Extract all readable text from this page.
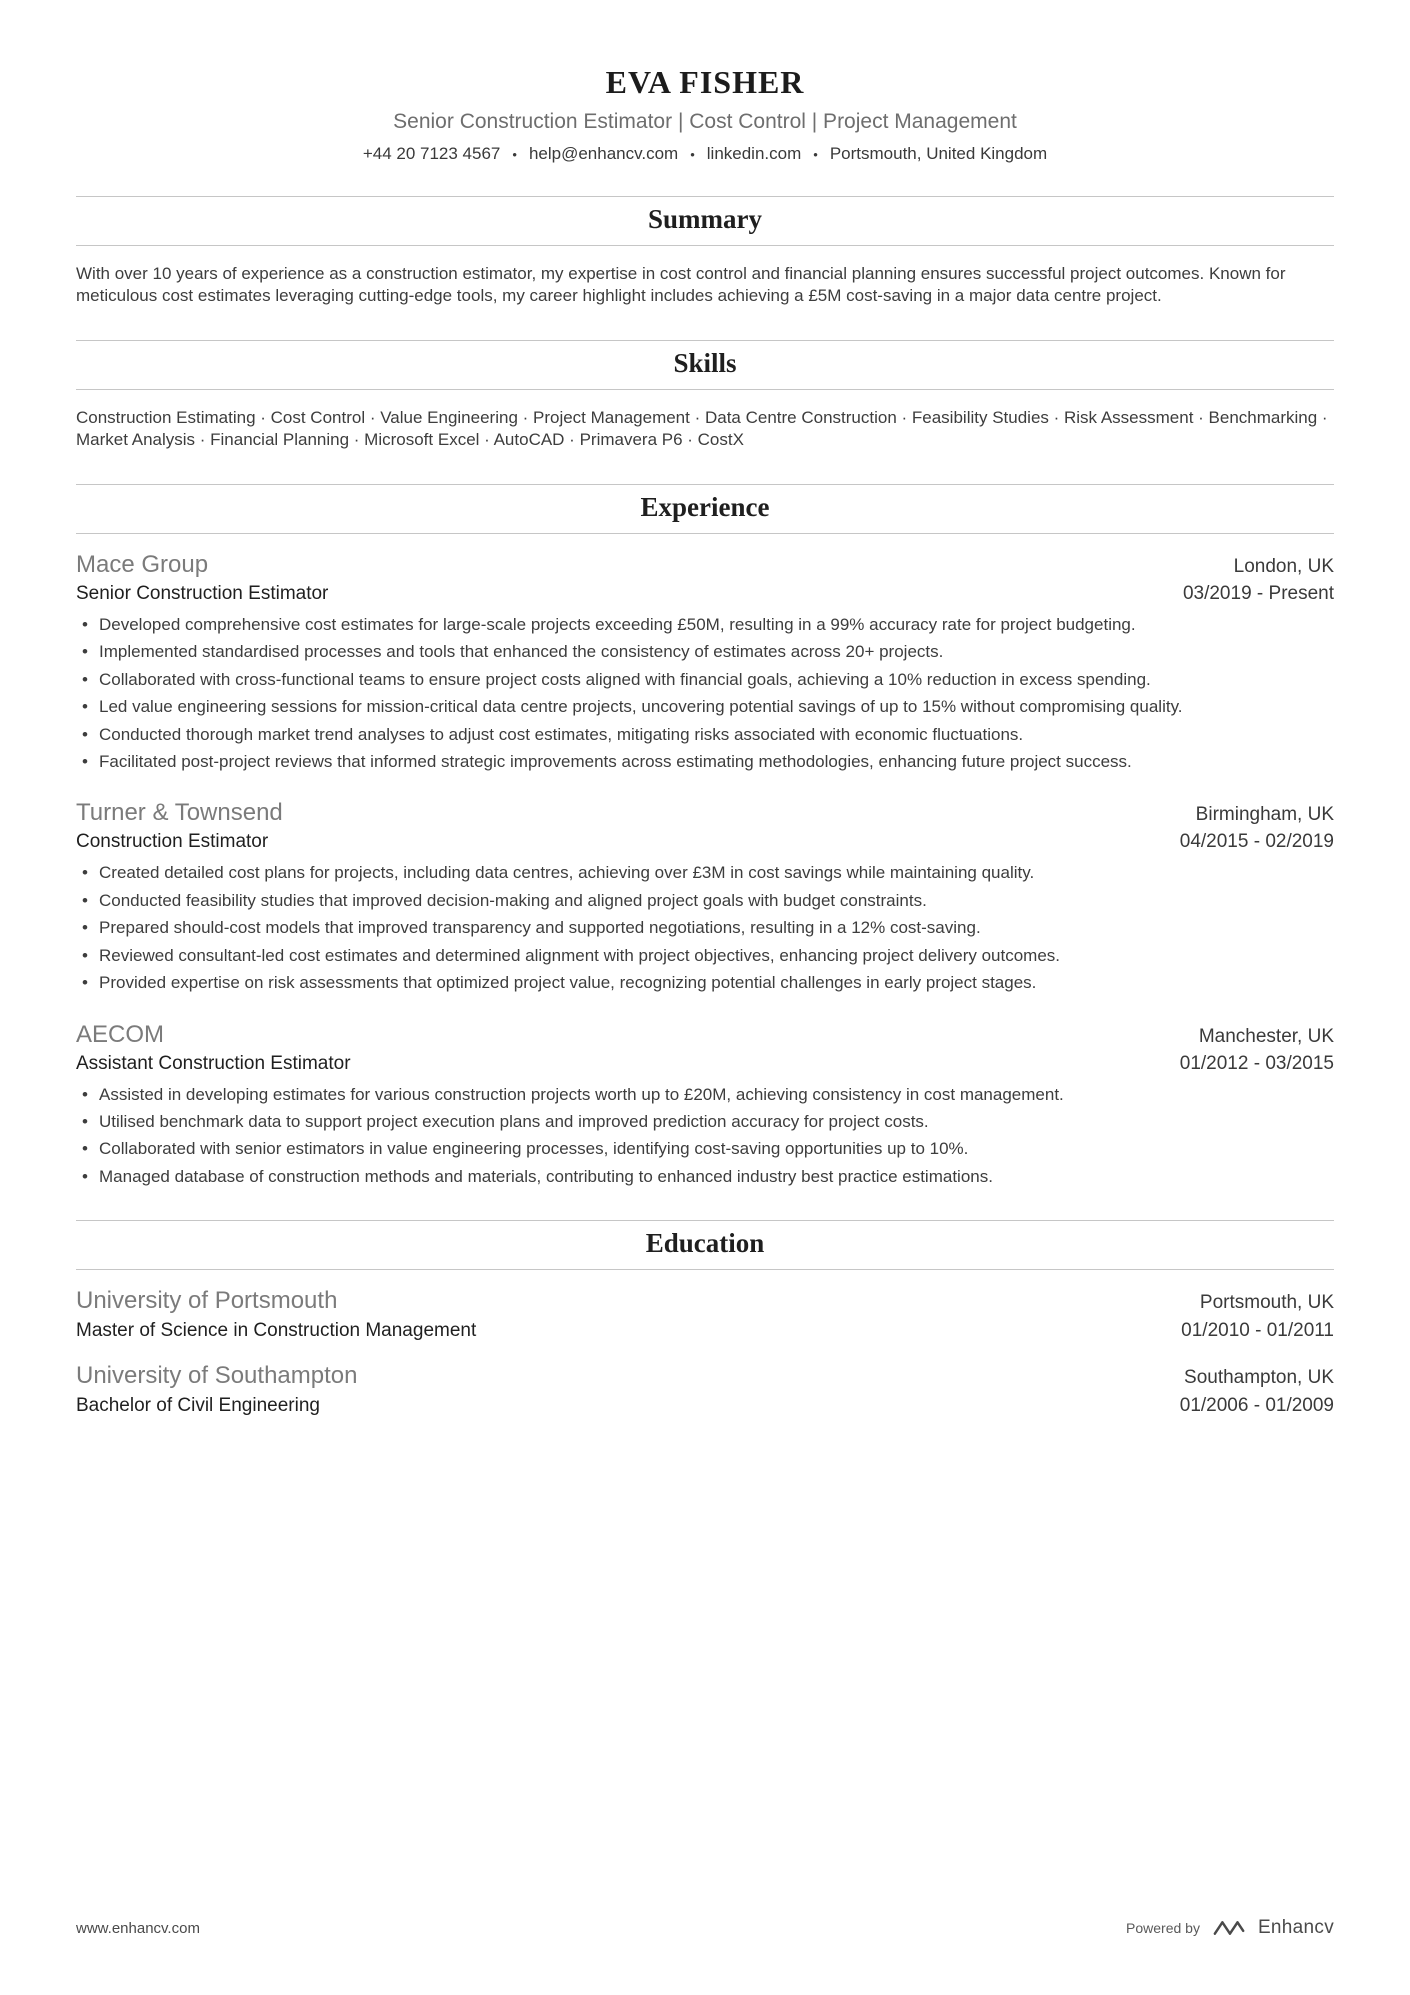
EVA FISHER
Senior Construction Estimator | Cost Control | Project Management
+44 20 7123 4567 • help@enhancv.com • linkedin.com • Portsmouth, United Kingdom
Summary

With over 10 years of experience as a construction estimator, my expertise in cost control and financial planning ensures successful project outcomes. Known for meticulous cost estimates leveraging cutting-edge tools, my career highlight includes achieving a £5M cost-saving in a major data centre project.

Skills

Construction Estimating · Cost Control · Value Engineering · Project Management · Data Centre Construction · Feasibility Studies · Risk Assessment · Benchmarking · Market Analysis · Financial Planning · Microsoft Excel · AutoCAD · Primavera P6 · CostX

Experience
Mace Group	London, UK
Senior Construction Estimator	03/2019 - Present
• Developed comprehensive cost estimates for large-scale projects exceeding £50M, resulting in a 99% accuracy rate for project budgeting.
• Implemented standardised processes and tools that enhanced the consistency of estimates across 20+ projects.
• Collaborated with cross-functional teams to ensure project costs aligned with financial goals, achieving a 10% reduction in excess spending.
• Led value engineering sessions for mission-critical data centre projects, uncovering potential savings of up to 15% without compromising quality.
• Conducted thorough market trend analyses to adjust cost estimates, mitigating risks associated with economic fluctuations.
• Facilitated post-project reviews that informed strategic improvements across estimating methodologies, enhancing future project success.
Turner & Townsend	Birmingham, UK
Construction Estimator	04/2015 - 02/2019
• Created detailed cost plans for projects, including data centres, achieving over £3M in cost savings while maintaining quality.
• Conducted feasibility studies that improved decision-making and aligned project goals with budget constraints.
• Prepared should-cost models that improved transparency and supported negotiations, resulting in a 12% cost-saving.
• Reviewed consultant-led cost estimates and determined alignment with project objectives, enhancing project delivery outcomes.
• Provided expertise on risk assessments that optimized project value, recognizing potential challenges in early project stages.
AECOM	Manchester, UK
Assistant Construction Estimator	01/2012 - 03/2015
• Assisted in developing estimates for various construction projects worth up to £20M, achieving consistency in cost management.
• Utilised benchmark data to support project execution plans and improved prediction accuracy for project costs.
• Collaborated with senior estimators in value engineering processes, identifying cost-saving opportunities up to 10%.
• Managed database of construction methods and materials, contributing to enhanced industry best practice estimations.
Education
University of Portsmouth	Portsmouth, UK
Master of Science in Construction Management	01/2010 - 01/2011
University of Southampton	Southampton, UK
Bachelor of Civil Engineering	01/2006 - 01/2009
www.enhancv.com	Powered by	Enhancv
